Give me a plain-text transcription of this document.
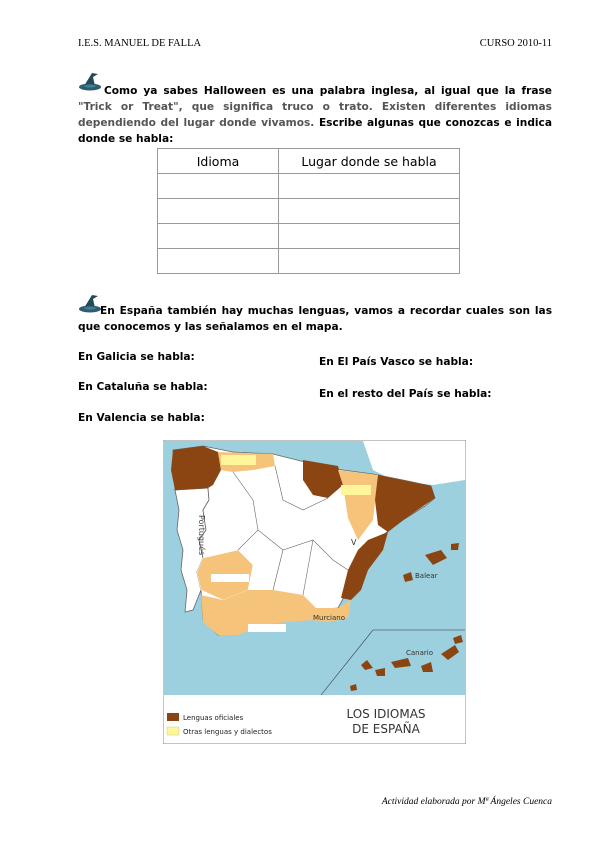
I.E.S. MANUEL DE FALLA	CURSO 2010-11
Como ya sabes Halloween es una palabra inglesa, al igual que la frase "Trick or Treat", que significa truco o trato. Existen diferentes idiomas dependiendo del lugar donde vivamos. Escribe algunas que conozcas e indica donde se habla:
Idioma	Lugar donde se habla

En España también hay muchas lenguas, vamos a recordar cuales son las que conocemos y las señalamos en el mapa.
En Galicia se habla:
En Cataluña se habla:
En Valencia se habla:
En El País Vasco se habla:
En el resto del País se habla:
Portugués
Balear
Murciano
Canario
V
Lenguas oficiales
Otras lenguas y dialectos
LOS IDIOMAS
DE ESPAÑA
Actividad elaborada por Mª Ángeles Cuenca
